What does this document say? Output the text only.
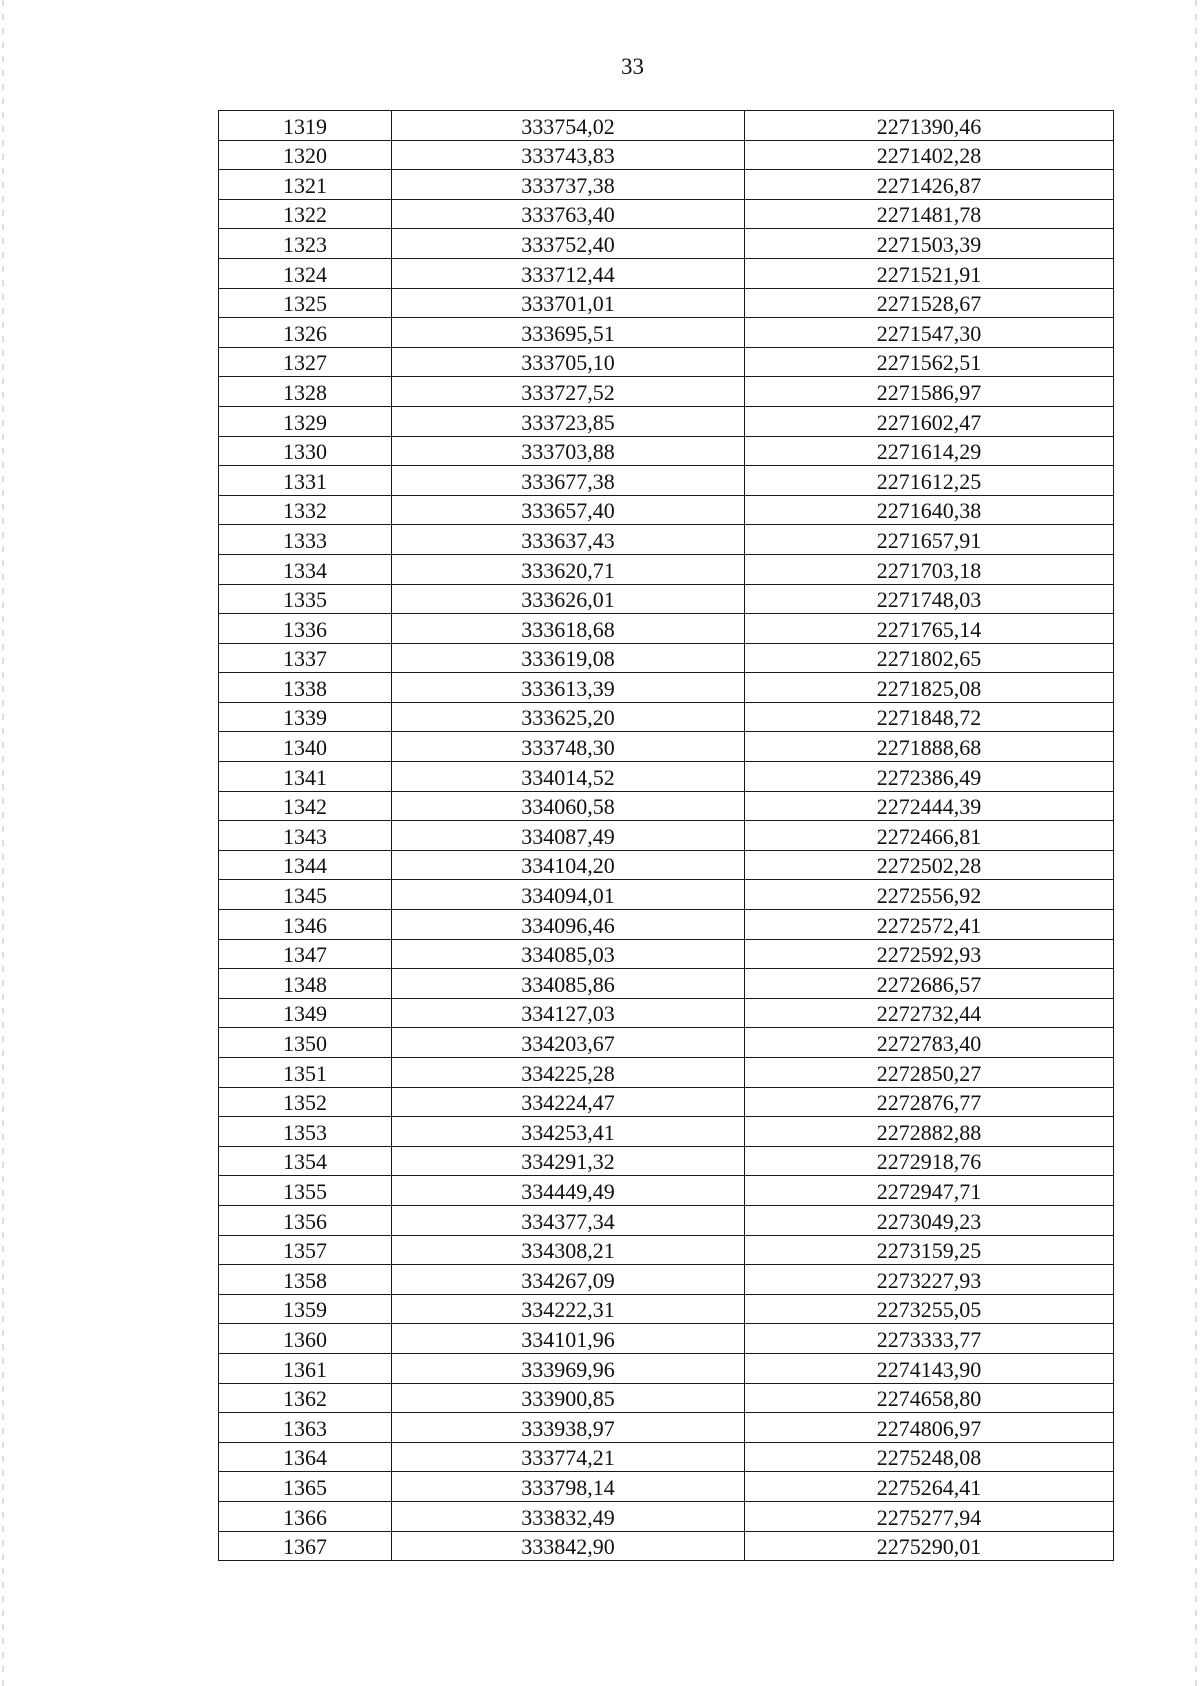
33
1319	333754,02	2271390,46
1320	333743,83	2271402,28
1321	333737,38	2271426,87
1322	333763,40	2271481,78
1323	333752,40	2271503,39
1324	333712,44	2271521,91
1325	333701,01	2271528,67
1326	333695,51	2271547,30
1327	333705,10	2271562,51
1328	333727,52	2271586,97
1329	333723,85	2271602,47
1330	333703,88	2271614,29
1331	333677,38	2271612,25
1332	333657,40	2271640,38
1333	333637,43	2271657,91
1334	333620,71	2271703,18
1335	333626,01	2271748,03
1336	333618,68	2271765,14
1337	333619,08	2271802,65
1338	333613,39	2271825,08
1339	333625,20	2271848,72
1340	333748,30	2271888,68
1341	334014,52	2272386,49
1342	334060,58	2272444,39
1343	334087,49	2272466,81
1344	334104,20	2272502,28
1345	334094,01	2272556,92
1346	334096,46	2272572,41
1347	334085,03	2272592,93
1348	334085,86	2272686,57
1349	334127,03	2272732,44
1350	334203,67	2272783,40
1351	334225,28	2272850,27
1352	334224,47	2272876,77
1353	334253,41	2272882,88
1354	334291,32	2272918,76
1355	334449,49	2272947,71
1356	334377,34	2273049,23
1357	334308,21	2273159,25
1358	334267,09	2273227,93
1359	334222,31	2273255,05
1360	334101,96	2273333,77
1361	333969,96	2274143,90
1362	333900,85	2274658,80
1363	333938,97	2274806,97
1364	333774,21	2275248,08
1365	333798,14	2275264,41
1366	333832,49	2275277,94
1367	333842,90	2275290,01
